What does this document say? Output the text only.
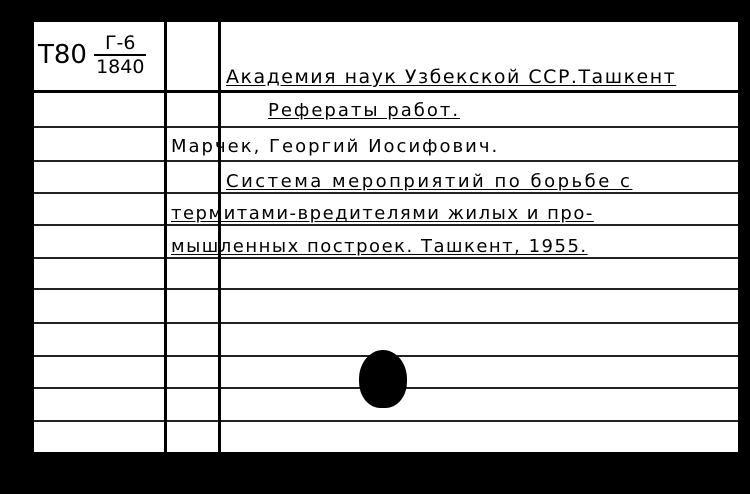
$Т80 \frac{Г-6}{1840}$	Академия наук Узбекской ССР.Ташкент
Рефераты работ.
Марчек, Георгий Иосифович.
Система мероприятий по борьбе с
термитами-вредителями жилых и про-
мышленных построек. Ташкент, 1955.
